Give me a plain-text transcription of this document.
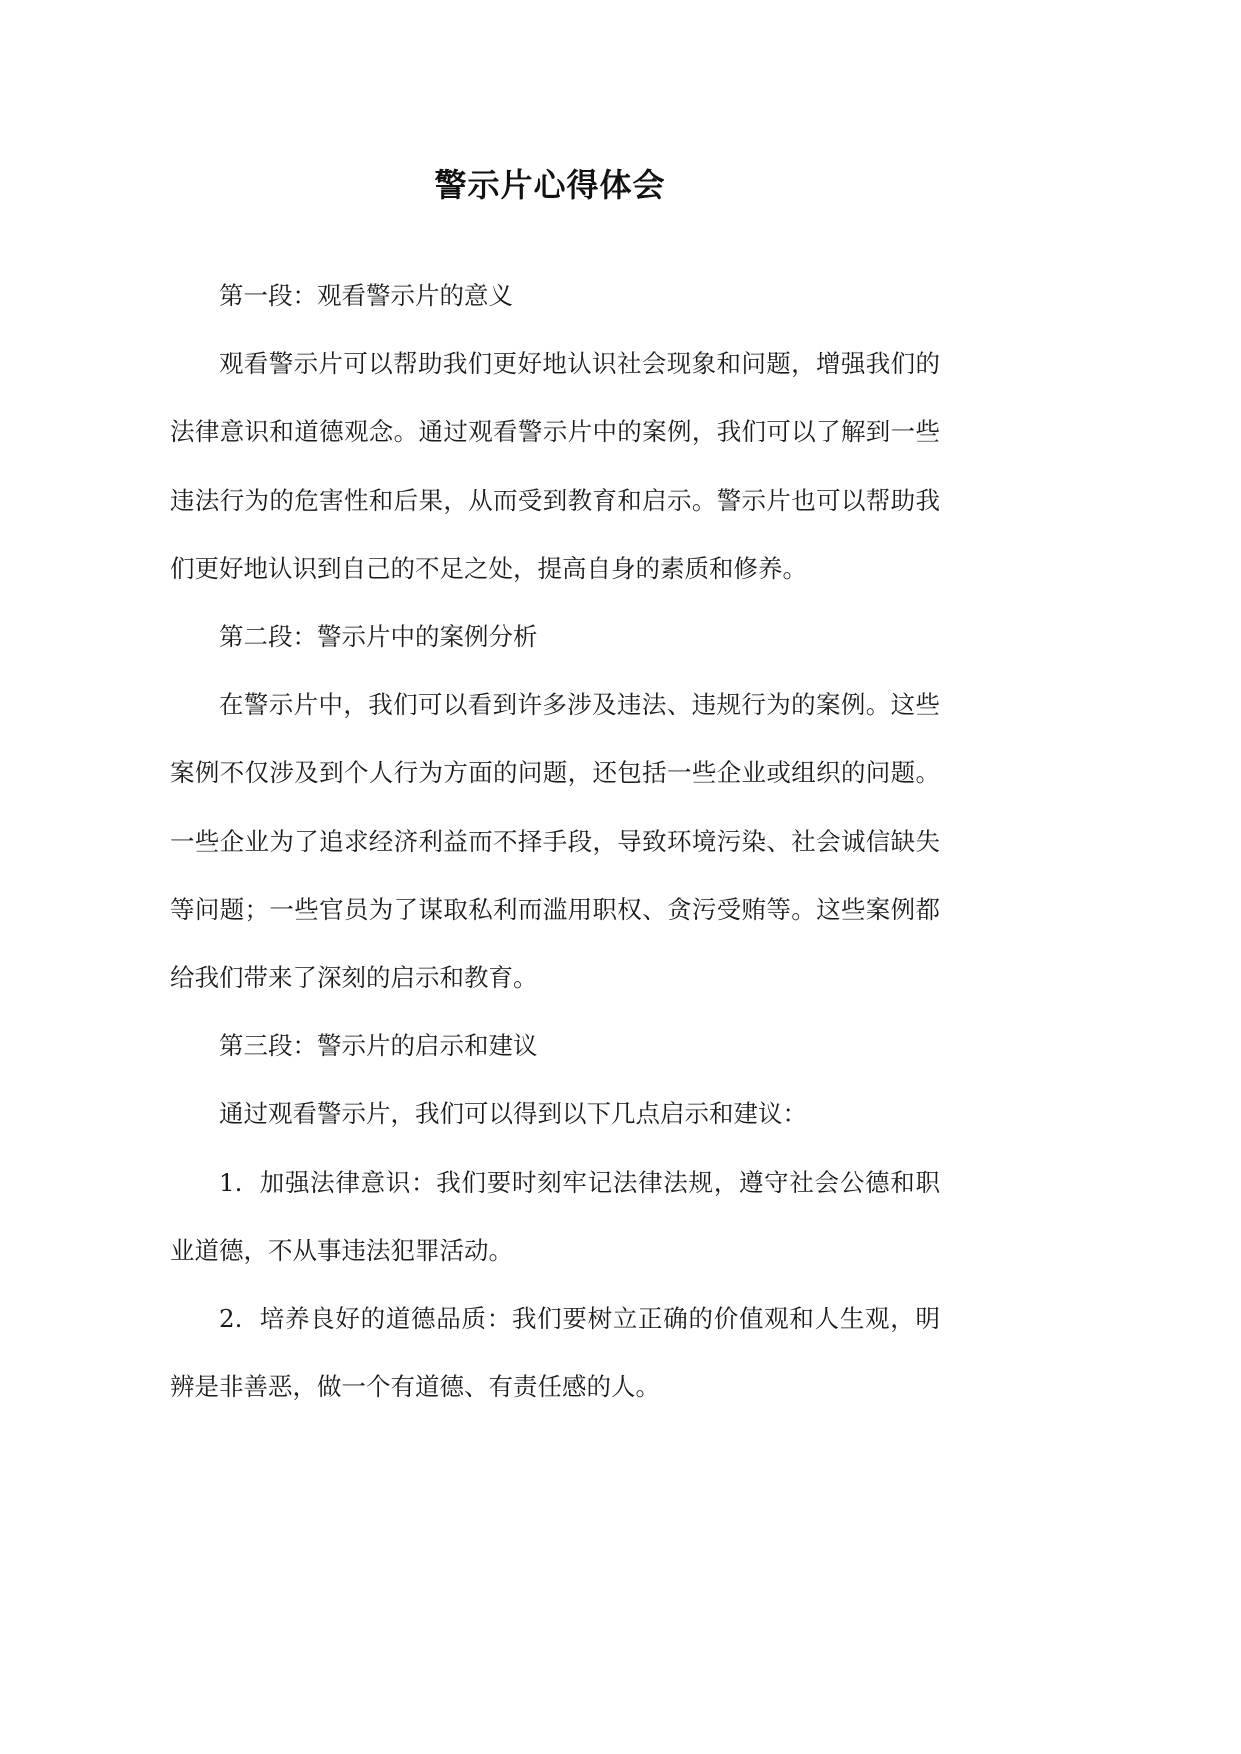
警示片心得体会

第一段：观看警示片的意义

观看警示片可以帮助我们更好地认识社会现象和问题，增强我们的法律意识和道德观念。通过观看警示片中的案例，我们可以了解到一些违法行为的危害性和后果，从而受到教育和启示。警示片也可以帮助我们更好地认识到自己的不足之处，提高自身的素质和修养。

第二段：警示片中的案例分析

在警示片中，我们可以看到许多涉及违法、违规行为的案例。这些案例不仅涉及到个人行为方面的问题，还包括一些企业或组织的问题。一些企业为了追求经济利益而不择手段，导致环境污染、社会诚信缺失等问题；一些官员为了谋取私利而滥用职权、贪污受贿等。这些案例都给我们带来了深刻的启示和教育。

第三段：警示片的启示和建议

通过观看警示片，我们可以得到以下几点启示和建议：

1. 加强法律意识：我们要时刻牢记法律法规，遵守社会公德和职业道德，不从事违法犯罪活动。

2. 培养良好的道德品质：我们要树立正确的价值观和人生观，明辨是非善恶，做一个有道德、有责任感的人。
